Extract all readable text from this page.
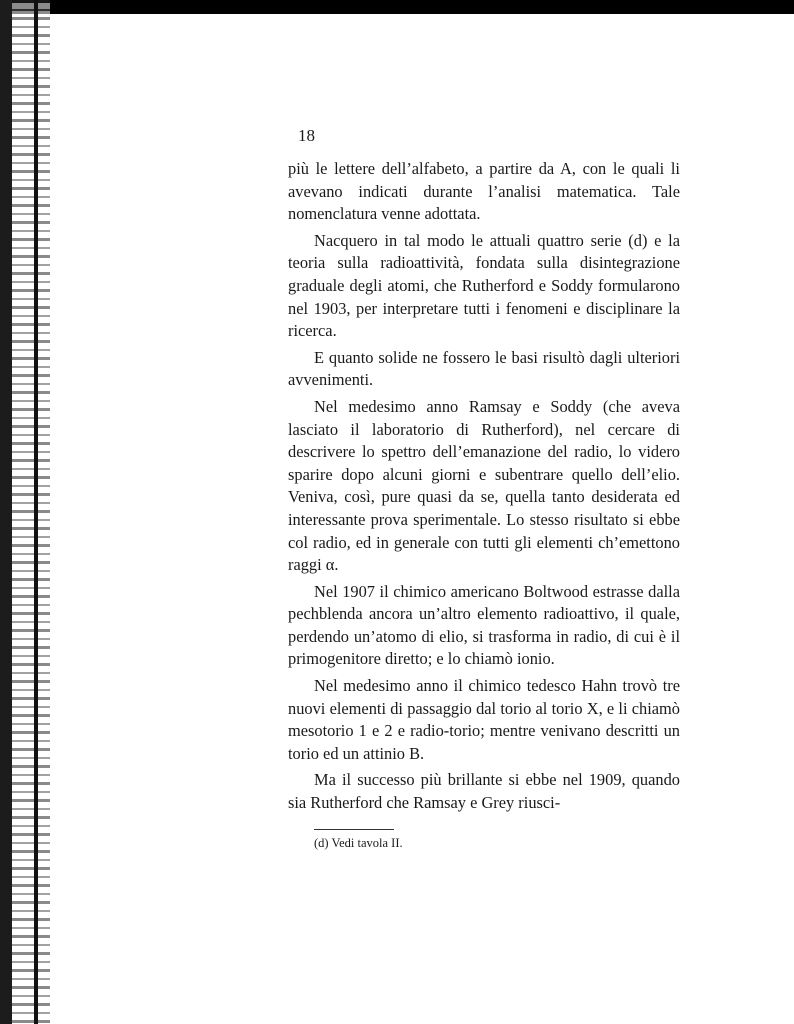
18

più le lettere dell’alfabeto, a partire da A, con le quali li avevano indicati durante l’analisi matematica. Tale nomenclatura venne adottata.

Nacquero in tal modo le attuali quattro serie (d) e la teoria sulla radioattività, fondata sulla disintegrazione graduale degli atomi, che Rutherford e Soddy formularono nel 1903, per interpretare tutti i fenomeni e disciplinare la ricerca.

E quanto solide ne fossero le basi risultò dagli ulteriori avvenimenti.

Nel medesimo anno Ramsay e Soddy (che aveva lasciato il laboratorio di Rutherford), nel cercare di descrivere lo spettro dell’emanazione del radio, lo videro sparire dopo alcuni giorni e subentrare quello dell’elio. Veniva, così, pure quasi da se, quella tanto desiderata ed interessante prova sperimentale. Lo stesso risultato si ebbe col radio, ed in generale con tutti gli elementi ch’emettono raggi α.

Nel 1907 il chimico americano Boltwood estrasse dalla pechblenda ancora un’altro elemento radioattivo, il quale, perdendo un’atomo di elio, si trasforma in radio, di cui è il primogenitore diretto; e lo chiamò ionio.

Nel medesimo anno il chimico tedesco Hahn trovò tre nuovi elementi di passaggio dal torio al torio X, e li chiamò mesotorio 1 e 2 e radio-torio; mentre venivano descritti un torio ed un attinio B.

Ma il successo più brillante si ebbe nel 1909, quando sia Rutherford che Ramsay e Grey riusci-

(d) Vedi tavola II.
